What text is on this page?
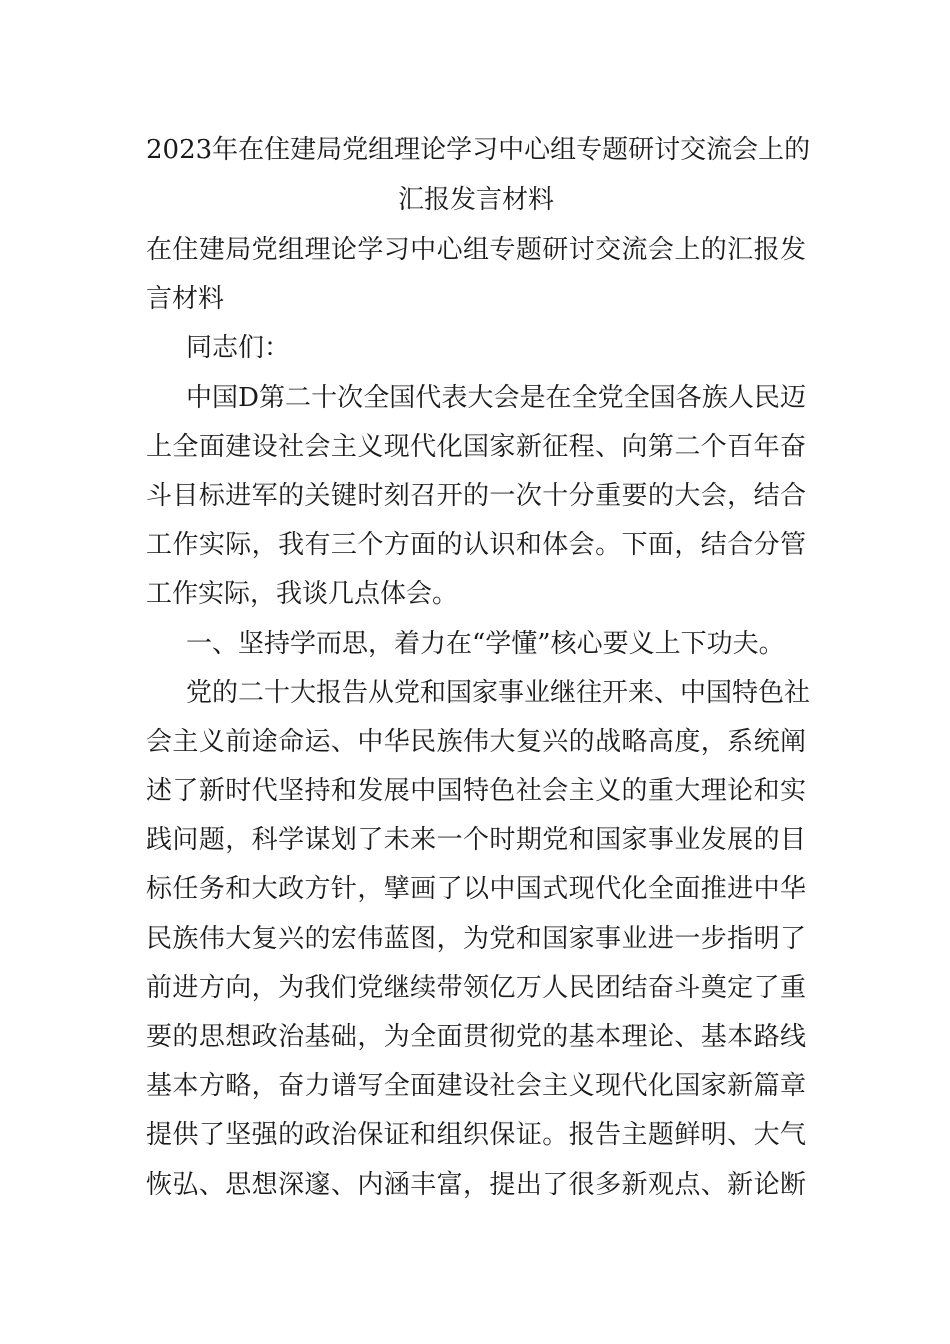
2023年在住建局党组理论学习中心组专题研讨交流会上的
汇报发言材料
在住建局党组理论学习中心组专题研讨交流会上的汇报发
言材料
同志们：
中国D第二十次全国代表大会是在全党全国各族人民迈
上全面建设社会主义现代化国家新征程、向第二个百年奋
斗目标进军的关键时刻召开的一次十分重要的大会，结合
工作实际，我有三个方面的认识和体会。下面，结合分管
工作实际，我谈几点体会。
一、坚持学而思，着力在“学懂”核心要义上下功夫。
党的二十大报告从党和国家事业继往开来、中国特色社
会主义前途命运、中华民族伟大复兴的战略高度，系统阐
述了新时代坚持和发展中国特色社会主义的重大理论和实
践问题，科学谋划了未来一个时期党和国家事业发展的目
标任务和大政方针，擘画了以中国式现代化全面推进中华
民族伟大复兴的宏伟蓝图，为党和国家事业进一步指明了
前进方向，为我们党继续带领亿万人民团结奋斗奠定了重
要的思想政治基础，为全面贯彻党的基本理论、基本路线
基本方略，奋力谱写全面建设社会主义现代化国家新篇章
提供了坚强的政治保证和组织保证。报告主题鲜明、大气
恢弘、思想深邃、内涵丰富，提出了很多新观点、新论断
